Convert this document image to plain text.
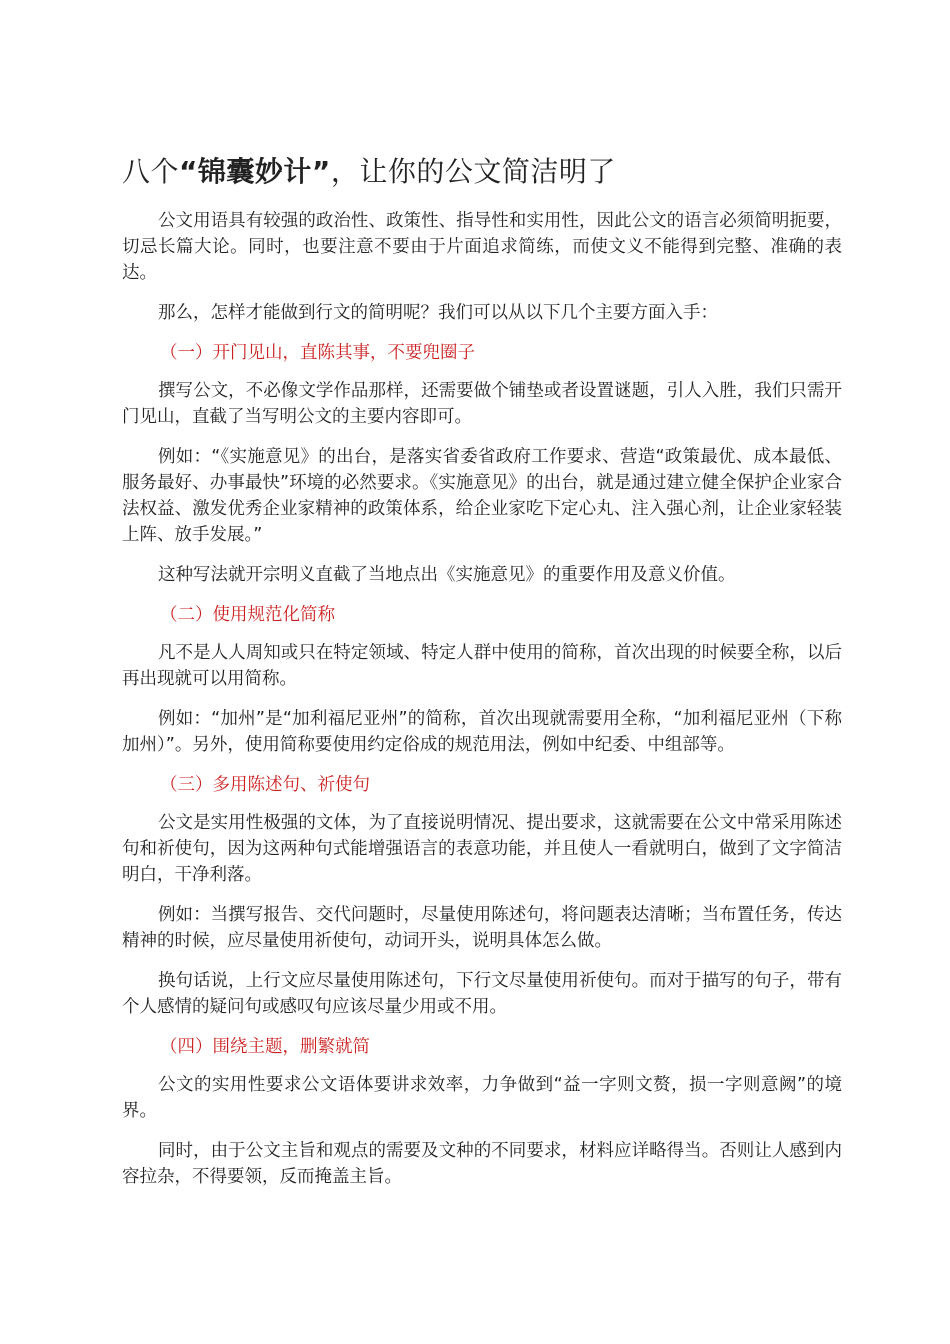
八个“锦囊妙计”，让你的公文简洁明了

公文用语具有较强的政治性、政策性、指导性和实用性，因此公文的语言必须简明扼要，切忌长篇大论。同时，也要注意不要由于片面追求简练，而使文义不能得到完整、准确的表达。

那么，怎样才能做到行文的简明呢？我们可以从以下几个主要方面入手：

（一）开门见山，直陈其事，不要兜圈子

撰写公文，不必像文学作品那样，还需要做个铺垫或者设置谜题，引人入胜，我们只需开门见山，直截了当写明公文的主要内容即可。

例如：“《实施意见》的出台，是落实省委省政府工作要求、营造“政策最优、成本最低、服务最好、办事最快”环境的必然要求。《实施意见》的出台，就是通过建立健全保护企业家合法权益、激发优秀企业家精神的政策体系，给企业家吃下定心丸、注入强心剂，让企业家轻装上阵、放手发展。”

这种写法就开宗明义直截了当地点出《实施意见》的重要作用及意义价值。

（二）使用规范化简称

凡不是人人周知或只在特定领域、特定人群中使用的简称，首次出现的时候要全称，以后再出现就可以用简称。

例如：“加州”是“加利福尼亚州”的简称，首次出现就需要用全称，“加利福尼亚州（下称加州）”。另外，使用简称要使用约定俗成的规范用法，例如中纪委、中组部等。

（三）多用陈述句、祈使句

公文是实用性极强的文体，为了直接说明情况、提出要求，这就需要在公文中常采用陈述句和祈使句，因为这两种句式能增强语言的表意功能，并且使人一看就明白，做到了文字简洁明白，干净利落。

例如：当撰写报告、交代问题时，尽量使用陈述句，将问题表达清晰；当布置任务，传达精神的时候，应尽量使用祈使句，动词开头，说明具体怎么做。

换句话说，上行文应尽量使用陈述句，下行文尽量使用祈使句。而对于描写的句子，带有个人感情的疑问句或感叹句应该尽量少用或不用。

（四）围绕主题，删繁就简

公文的实用性要求公文语体要讲求效率，力争做到“益一字则文赘，损一字则意阙”的境界。

同时，由于公文主旨和观点的需要及文种的不同要求，材料应详略得当。否则让人感到内容拉杂，不得要领，反而掩盖主旨。
